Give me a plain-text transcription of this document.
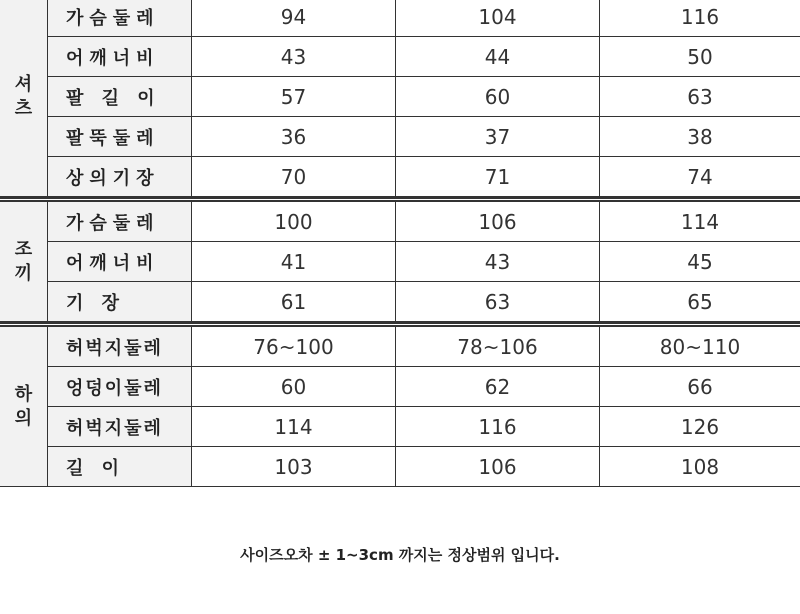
셔츠
가슴둘레	94	104	116
어깨너비	43	44	50
팔 길 이	57	60	63
팔뚝둘레	36	37	38
상의기장	70	71	74
조끼
가슴둘레	100	106	114
어깨너비	41	43	45
기 장	61	63	65
하의
허벅지둘레	76~100	78~106	80~110
엉덩이둘레	60	62	66
허벅지둘레	114	116	126
길 이	103	106	108
사이즈오차 ± 1~3cm 까지는 정상범위 입니다.
